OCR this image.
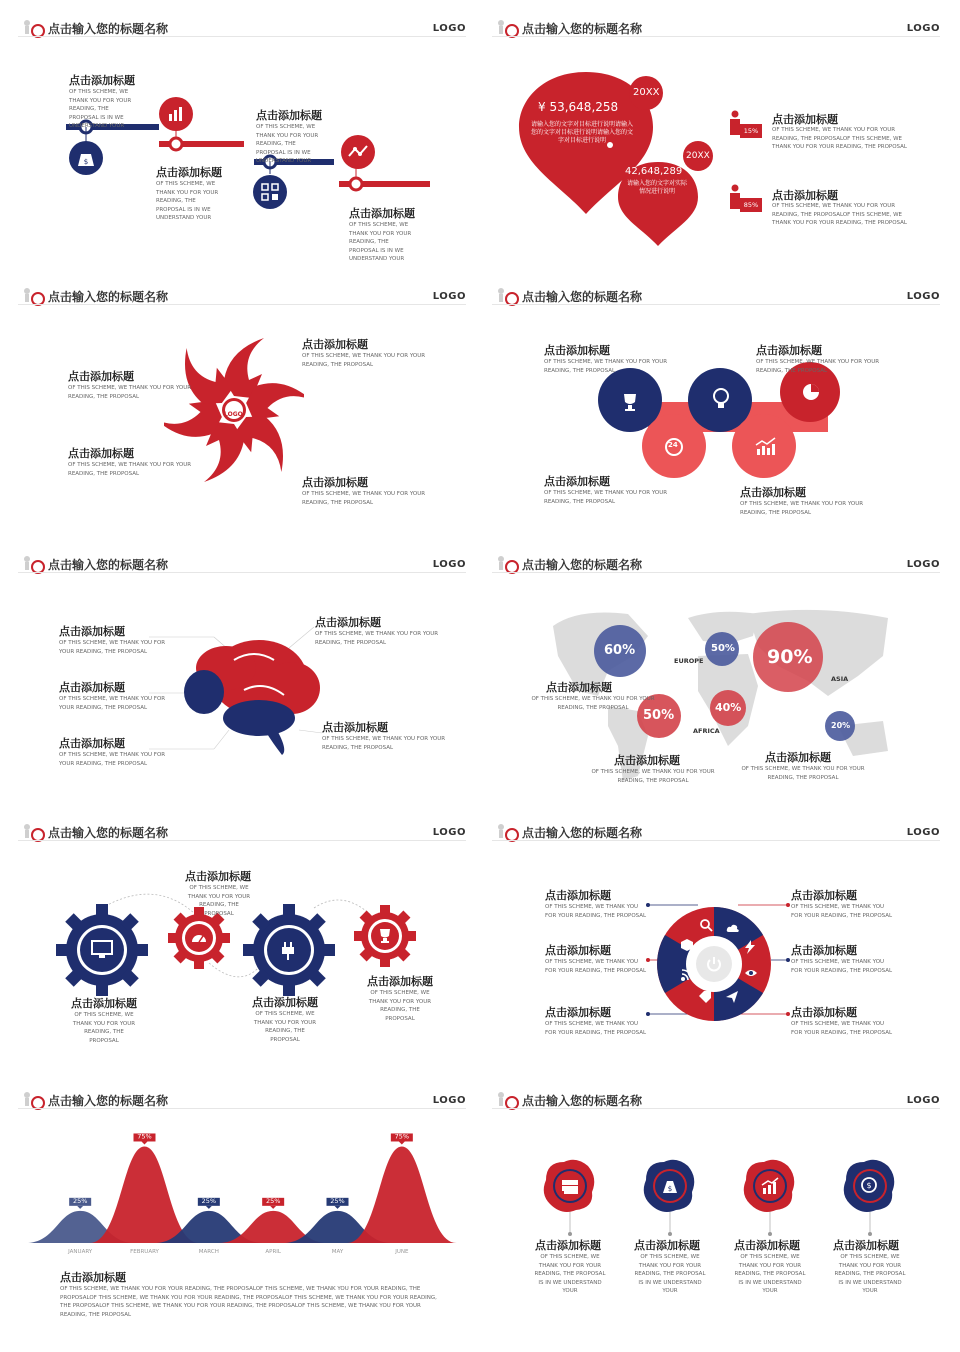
点击输入您的标题名称	LOGO
$
点击添加标题
OF THIS SCHEME, WE THANK YOU FOR YOUR READING, THE PROPOSAL IS IN WE UNDERSTAND YOUR
点击添加标题
OF THIS SCHEME, WE THANK YOU FOR YOUR READING, THE PROPOSAL IS IN WE UNDERSTAND YOUR
点击添加标题
OF THIS SCHEME, WE THANK YOU FOR YOUR READING, THE PROPOSAL IS IN WE UNDERSTAND YOUR
点击添加标题
OF THIS SCHEME, WE THANK YOU FOR YOUR READING, THE PROPOSAL IS IN WE UNDERSTAND YOUR
点击输入您的标题名称	LOGO
¥ 53,648,258
请输入您的文字对目标进行说明请输入您的文字对目标进行说明请输入您的文字对目标进行说明
42,648,289
请输入您的文字对实际情况进行说明
20XX
20XX
15%
85%
点击添加标题
OF THIS SCHEME, WE THANK YOU FOR YOUR READING, THE PROPOSALOF THIS SCHEME, WE THANK YOU FOR YOUR READING, THE PROPOSAL
点击添加标题
OF THIS SCHEME, WE THANK YOU FOR YOUR READING, THE PROPOSALOF THIS SCHEME, WE THANK YOU FOR YOUR READING, THE PROPOSAL
点击输入您的标题名称	LOGO
LOGO
点击添加标题
OF THIS SCHEME, WE THANK YOU FOR YOUR READING, THE PROPOSAL
点击添加标题
OF THIS SCHEME, WE THANK YOU FOR YOUR READING, THE PROPOSAL
点击添加标题
OF THIS SCHEME, WE THANK YOU FOR YOUR READING, THE PROPOSAL
点击添加标题
OF THIS SCHEME, WE THANK YOU FOR YOUR READING, THE PROPOSAL
点击输入您的标题名称	LOGO
24
点击添加标题
OF THIS SCHEME, WE THANK YOU FOR YOUR READING, THE PROPOSAL
点击添加标题
OF THIS SCHEME, WE THANK YOU FOR YOUR READING, THE PROPOSAL
点击添加标题
OF THIS SCHEME, WE THANK YOU FOR YOUR READING, THE PROPOSAL
点击添加标题
OF THIS SCHEME, WE THANK YOU FOR YOUR READING, THE PROPOSAL
点击输入您的标题名称	LOGO
点击添加标题
OF THIS SCHEME, WE THANK YOU FOR YOUR READING, THE PROPOSAL
点击添加标题
OF THIS SCHEME, WE THANK YOU FOR YOUR READING, THE PROPOSAL
点击添加标题
OF THIS SCHEME, WE THANK YOU FOR YOUR READING, THE PROPOSAL
点击添加标题
OF THIS SCHEME, WE THANK YOU FOR YOUR READING, THE PROPOSAL
点击添加标题
OF THIS SCHEME, WE THANK YOU FOR YOUR READING, THE PROPOSAL
点击输入您的标题名称	LOGO
60%	50% 90%
50%
40%
20%
EUROPE
ASIA
AFRICA
点击添加标题
OF THIS SCHEME, WE THANK YOU FOR YOUR READING, THE PROPOSAL
点击添加标题
OF THIS SCHEME, WE THANK YOU FOR YOUR READING, THE PROPOSAL
点击添加标题
OF THIS SCHEME, WE THANK YOU FOR YOUR READING, THE PROPOSAL
点击输入您的标题名称	LOGO
点击添加标题
OF THIS SCHEME, WE THANK YOU FOR YOUR READING, THE PROPOSAL
点击添加标题
OF THIS SCHEME, WE THANK YOU FOR YOUR READING, THE PROPOSAL
点击添加标题
OF THIS SCHEME, WE THANK YOU FOR YOUR READING, THE PROPOSAL
点击添加标题
OF THIS SCHEME, WE THANK YOU FOR YOUR READING, THE PROPOSAL
点击输入您的标题名称	LOGO
点击添加标题
OF THIS SCHEME, WE THANK YOU FOR YOUR READING, THE PROPOSAL
点击添加标题
OF THIS SCHEME, WE THANK YOU FOR YOUR READING, THE PROPOSAL
点击添加标题
OF THIS SCHEME, WE THANK YOU FOR YOUR READING, THE PROPOSAL
点击添加标题
OF THIS SCHEME, WE THANK YOU FOR YOUR READING, THE PROPOSAL
点击添加标题
OF THIS SCHEME, WE THANK YOU FOR YOUR READING, THE PROPOSAL
点击添加标题
OF THIS SCHEME, WE THANK YOU FOR YOUR READING, THE PROPOSAL
点击输入您的标题名称	LOGO
25%
JANUARY
75%
FEBRUARY
25%
MARCH
25%
APRIL
25%
MAY
75%
JUNE
点击添加标题
OF THIS SCHEME, WE THANK YOU FOR YOUR READING, THE PROPOSALOF THIS SCHEME, WE THANK YOU FOR YOUR READING, THE PROPOSALOF THIS SCHEME, WE THANK YOU FOR YOUR READING, THE PROPOSALOF THIS SCHEME, WE THANK YOU FOR YOUR READING, THE PROPOSALOF THIS SCHEME, WE THANK YOU FOR YOUR READING, THE PROPOSALOF THIS SCHEME, WE THANK YOU FOR YOUR READING, THE PROPOSAL
点击输入您的标题名称	LOGO
$	$
点击添加标题
OF THIS SCHEME, WE THANK YOU FOR YOUR READING, THE PROPOSAL IS IN WE UNDERSTAND YOUR
点击添加标题
OF THIS SCHEME, WE THANK YOU FOR YOUR READING, THE PROPOSAL IS IN WE UNDERSTAND YOUR
点击添加标题
OF THIS SCHEME, WE THANK YOU FOR YOUR READING, THE PROPOSAL IS IN WE UNDERSTAND YOUR
点击添加标题
OF THIS SCHEME, WE THANK YOU FOR YOUR READING, THE PROPOSAL IS IN WE UNDERSTAND YOUR
